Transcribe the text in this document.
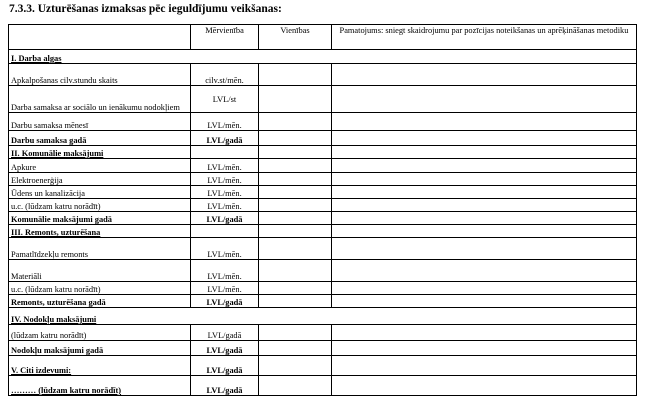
7.3.3. Uzturēšanas izmaksas pēc ieguldījumu veikšanas:
	Mērvienība	Vienības	Pamatojums: sniegt skaidrojumu par pozīcijas noteikšanas un aprēķināšanas metodiku
I. Darba algas			
Apkalpošanas cilv.stundu skaits	cilv.st/mēn.		
Darba samaksa ar sociālo un ienākumu nodokļiem	LVL/st		
Darbu samaksa mēnesī	LVL/mēn.		
Darbu samaksa gadā	LVL/gadā		
II. Komunālie maksājumi			
Apkure	LVL/mēn.		
Elektroenerģija	LVL/mēn.		
Ūdens un kanalizācija	LVL/mēn.		
u.c. (lūdzam katru norādīt)	LVL/mēn.		
Komunālie maksājumi gadā	LVL/gadā		
III. Remonts, uzturēšana			
Pamatlīdzekļu remonts	LVL/mēn.		
Materiāli	LVL/mēn.		
u.c. (lūdzam katru norādīt)	LVL/mēn.		
Remonts, uzturēšana gadā	LVL/gadā		
IV. Nodokļu maksājumi			
(lūdzam katru norādīt)	LVL/gadā		
Nodokļu maksājumi gadā	LVL/gadā		
V. Citi izdevumi:	LVL/gadā		
……… (lūdzam katru norādīt)	LVL/gadā		
